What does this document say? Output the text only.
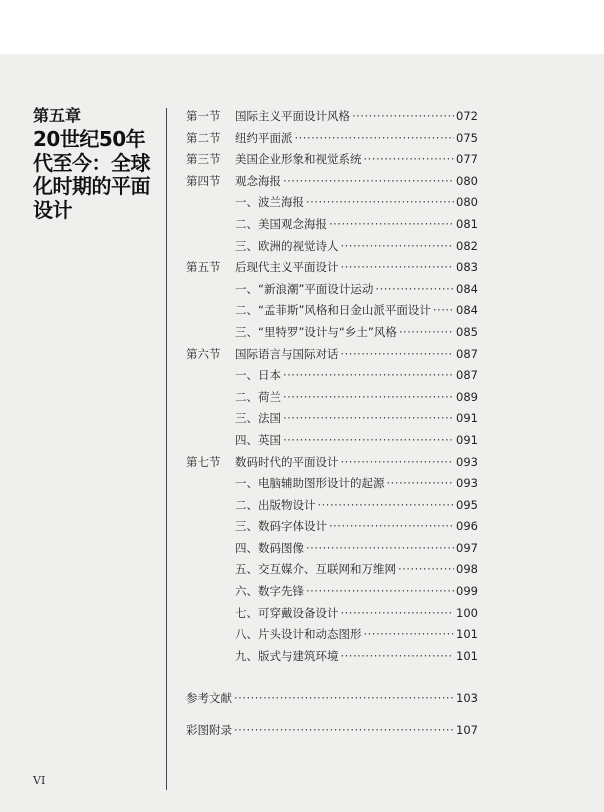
第五章
20世纪50年代至今：全球化时期的平面设计
第一节	国际主义平面设计风格 ·····	072
第二节	纽约平面派 ·····	075
第三节	美国企业形象和视觉系统 ·····	077
第四节	观念海报 ·····	080
一、波兰海报 ·····	080
二、美国观念海报 ·····	081
三、欧洲的视觉诗人 ·····	082
第五节	后现代主义平面设计 ·····	083
一、“新浪潮”平面设计运动 ·····	084
二、“孟菲斯”风格和日金山派平面设计 ····· 084
三、“里特罗”设计与“乡土”风格 ·····	085
第六节	国际语言与国际对话 ·····	087
一、日本 ·····	087
二、荷兰 ·····	089
三、法国 ·····	091
四、英国 ·····	091
第七节	数码时代的平面设计 ·····	093
一、电脑辅助图形设计的起源 ·····	093
二、出版物设计 ·····	095
三、数码字体设计 ·····	096
四、数码图像 ·····	097
五、交互媒介、互联网和万维网 ·····	098
六、数字先锋 ·····	099
七、可穿戴设备设计 ·····	100
八、片头设计和动态图形 ·····	101
九、版式与建筑环境 ·····	101
参考文献 ·····	103
彩图附录 ·····	107
VI
